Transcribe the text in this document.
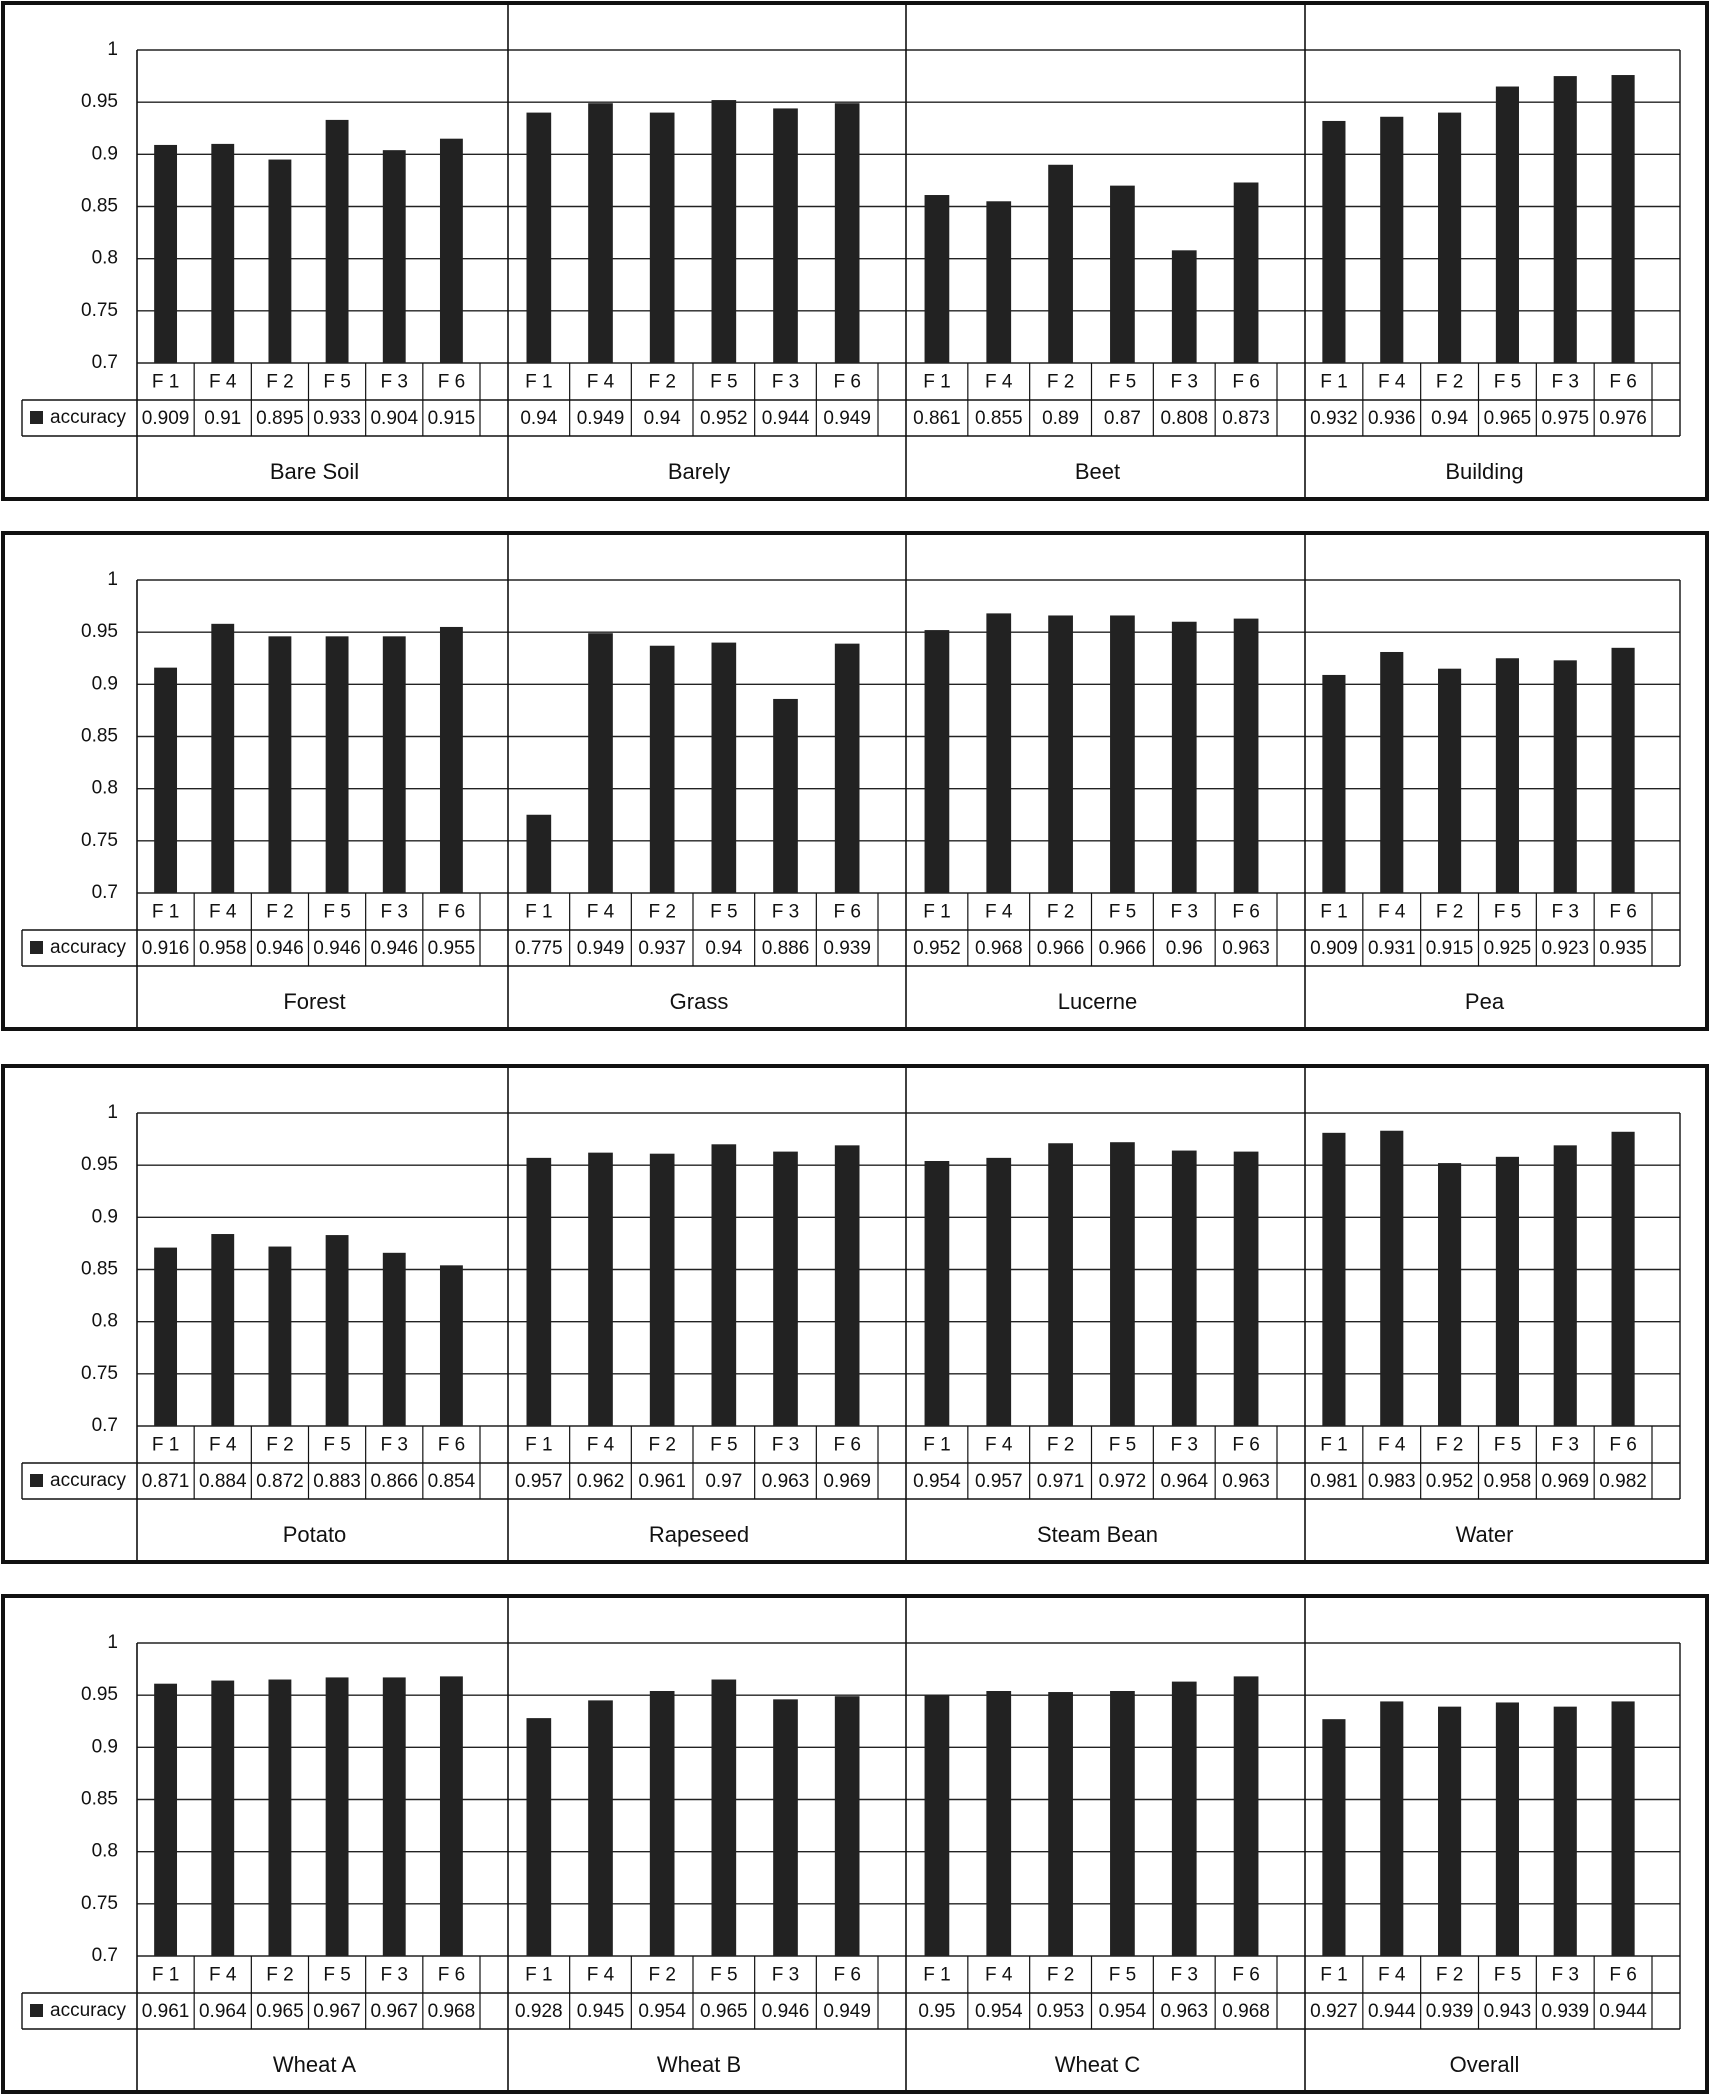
0.7
0.75
0.8
0.85
0.9
0.95
1
accuracy
F 1
0.909
F 4
0.91
F 2
0.895
F 5
0.933
F 3
0.904
F 6
0.915
Bare Soil
F 1
0.94
F 4
0.949
F 2
0.94
F 5
0.952
F 3
0.944
F 6
0.949
Barely
F 1
0.861
F 4
0.855
F 2
0.89
F 5
0.87
F 3
0.808
F 6
0.873
Beet
F 1
0.932
F 4
0.936
F 2
0.94
F 5
0.965
F 3
0.975
F 6
0.976
Building
0.7
0.75
0.8
0.85
0.9
0.95
1
accuracy
F 1
0.916
F 4
0.958
F 2
0.946
F 5
0.946
F 3
0.946
F 6
0.955
Forest
F 1
0.775
F 4
0.949
F 2
0.937
F 5
0.94
F 3
0.886
F 6
0.939
Grass
F 1
0.952
F 4
0.968
F 2
0.966
F 5
0.966
F 3
0.96
F 6
0.963
Lucerne
F 1
0.909
F 4
0.931
F 2
0.915
F 5
0.925
F 3
0.923
F 6
0.935
Pea
0.7
0.75
0.8
0.85
0.9
0.95
1
accuracy
F 1
0.871
F 4
0.884
F 2
0.872
F 5
0.883
F 3
0.866
F 6
0.854
Potato
F 1
0.957
F 4
0.962
F 2
0.961
F 5
0.97
F 3
0.963
F 6
0.969
Rapeseed
F 1
0.954
F 4
0.957
F 2
0.971
F 5
0.972
F 3
0.964
F 6
0.963
Steam Bean
F 1
0.981
F 4
0.983
F 2
0.952
F 5
0.958
F 3
0.969
F 6
0.982
Water
0.7
0.75
0.8
0.85
0.9
0.95
1
accuracy
F 1
0.961
F 4
0.964
F 2
0.965
F 5
0.967
F 3
0.967
F 6
0.968
Wheat A
F 1
0.928
F 4
0.945
F 2
0.954
F 5
0.965
F 3
0.946
F 6
0.949
Wheat B
F 1
0.95
F 4
0.954
F 2
0.953
F 5
0.954
F 3
0.963
F 6
0.968
Wheat C
F 1
0.927
F 4
0.944
F 2
0.939
F 5
0.943
F 3
0.939
F 6
0.944
Overall
